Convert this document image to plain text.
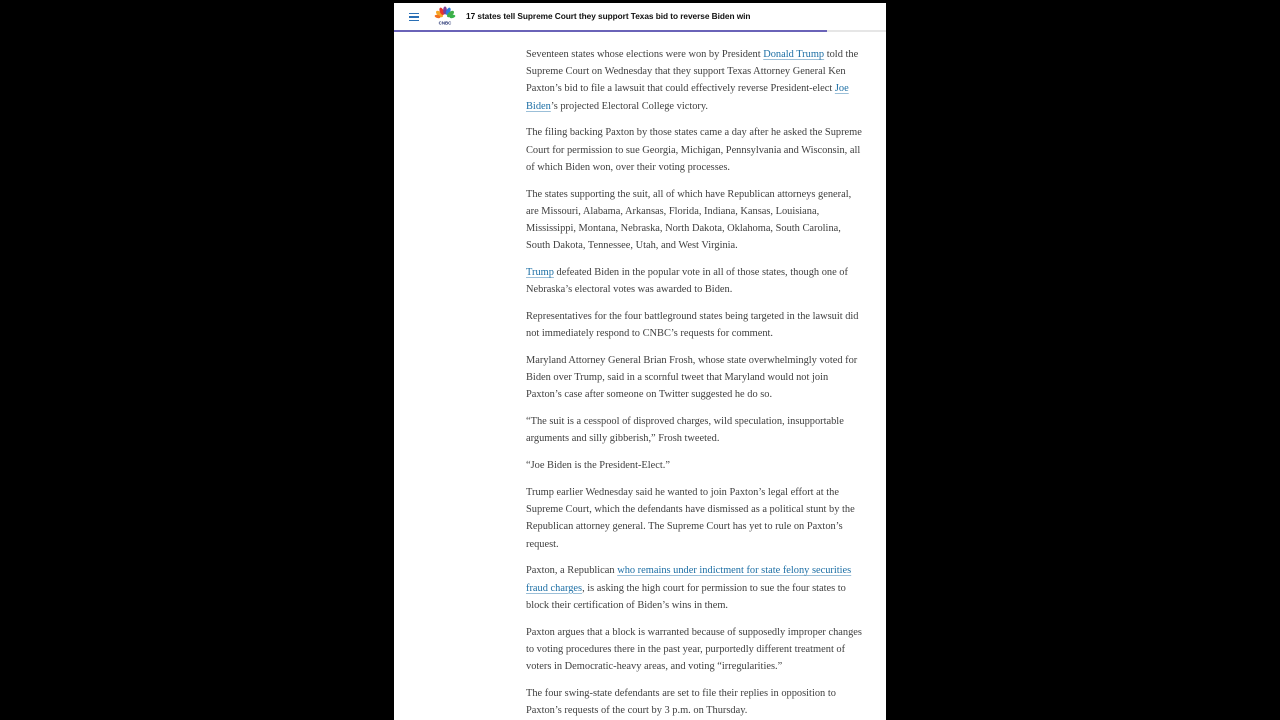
CNBC
17 states tell Supreme Court they support Texas bid to reverse Biden win

Seventeen states whose elections were won by President Donald Trump told the Supreme Court on Wednesday that they support Texas Attorney General Ken Paxton’s bid to file a lawsuit that could effectively reverse President-elect Joe Biden’s projected Electoral College victory.

The filing backing Paxton by those states came a day after he asked the Supreme Court for permission to sue Georgia, Michigan, Pennsylvania and Wisconsin, all of which Biden won, over their voting processes.

The states supporting the suit, all of which have Republican attorneys general, are Missouri, Alabama, Arkansas, Florida, Indiana, Kansas, Louisiana, Mississippi, Montana, Nebraska, North Dakota, Oklahoma, South Carolina, South Dakota, Tennessee, Utah, and West Virginia.

Trump defeated Biden in the popular vote in all of those states, though one of Nebraska’s electoral votes was awarded to Biden.

Representatives for the four battleground states being targeted in the lawsuit did not immediately respond to CNBC’s requests for comment.

Maryland Attorney General Brian Frosh, whose state overwhelmingly voted for Biden over Trump, said in a scornful tweet that Maryland would not join Paxton’s case after someone on Twitter suggested he do so.

“The suit is a cesspool of disproved charges, wild speculation, insupportable arguments and silly gibberish,” Frosh tweeted.

“Joe Biden is the President-Elect.”

Trump earlier Wednesday said he wanted to join Paxton’s legal effort at the Supreme Court, which the defendants have dismissed as a political stunt by the Republican attorney general. The Supreme Court has yet to rule on Paxton’s request.

Paxton, a Republican who remains under indictment for state felony securities fraud charges, is asking the high court for permission to sue the four states to block their certification of Biden’s wins in them.

Paxton argues that a block is warranted because of supposedly improper changes to voting procedures there in the past year, purportedly different treatment of voters in Democratic-heavy areas, and voting “irregularities.”

The four swing-state defendants are set to file their replies in opposition to Paxton’s requests of the court by 3 p.m. on Thursday.
